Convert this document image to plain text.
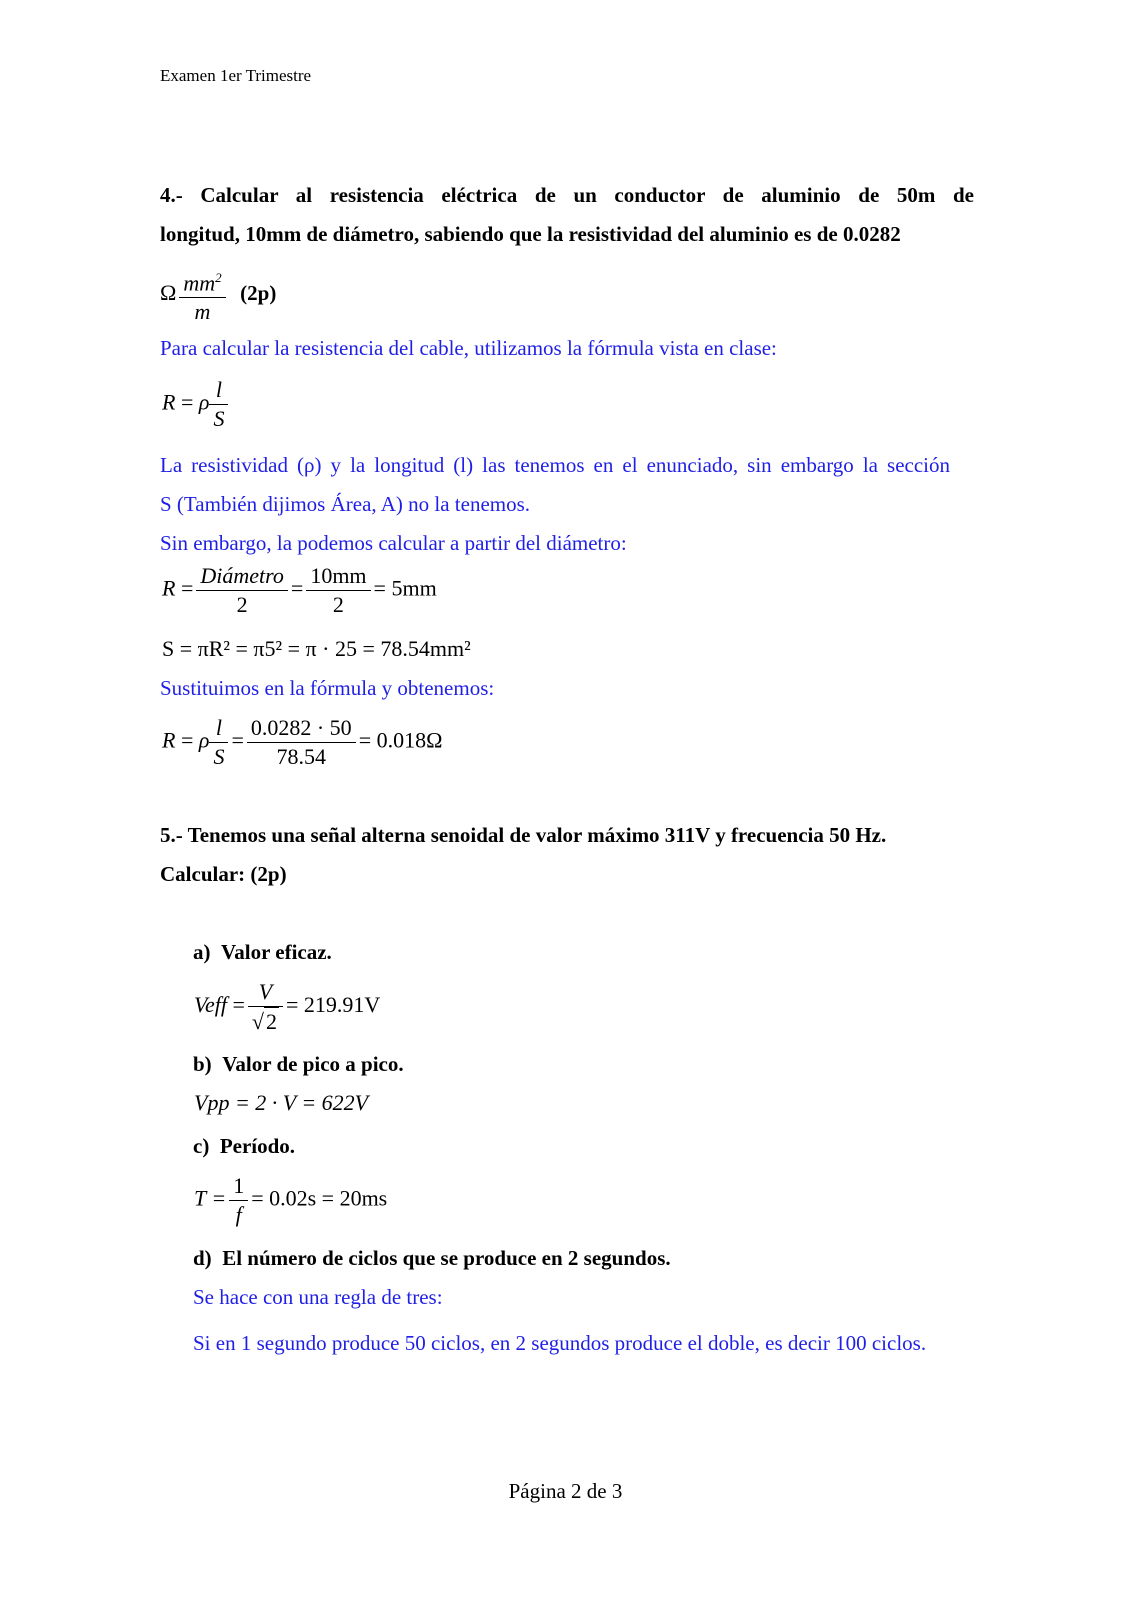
Examen 1er Trimestre
4.- Calcular al resistencia eléctrica de un conductor de aluminio de 50m de
longitud, 10mm de diámetro, sabiendo que la resistividad del aluminio es de 0.0282
Ω $\frac{mm^2}{m} (2p)$
Para calcular la resistencia del cable, utilizamos la fórmula vista en clase:
R = ρ $\frac{l}{S}$
La resistividad (ρ) y la longitud (l) las tenemos en el enunciado, sin embargo la sección
S (También dijimos Área, A) no la tenemos.
Sin embargo, la podemos calcular a partir del diámetro:
$R = \frac{\text{Diámetro}}{2} = \frac{10mm}{2} = 5mm$
S = πR² = π5² = π · 25 = 78.54mm²
Sustituimos en la fórmula y obtenemos:
R = ρ $\frac{l}{S} = \frac{0.0282 \cdot 50}{78.54} = 0.018\Omega$
5.- Tenemos una señal alterna senoidal de valor máximo 311V y frecuencia 50 Hz.
Calcular: (2p)
a) Valor eficaz.
Veff = $\frac{V}{√2} = 219.91V$
b) Valor de pico a pico.
Vpp = 2 · V = 622V
c) Período.
$T = \frac{1}{f} = 0.02s = 20ms$
d) El número de ciclos que se produce en 2 segundos.
Se hace con una regla de tres:
Si en 1 segundo produce 50 ciclos, en 2 segundos produce el doble, es decir 100 ciclos.
Página 2 de 3
